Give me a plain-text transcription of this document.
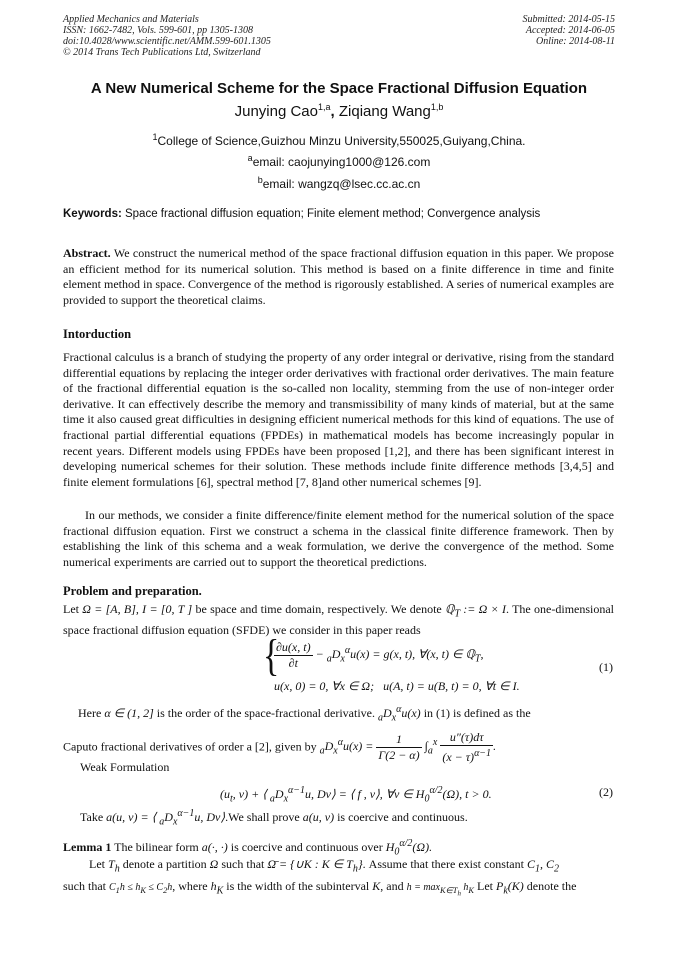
Applied Mechanics and Materials
ISSN: 1662-7482, Vols. 599-601, pp 1305-1308
doi:10.4028/www.scientific.net/AMM.599-601.1305
© 2014 Trans Tech Publications Ltd, Switzerland
Submitted: 2014-05-15
Accepted: 2014-06-05
Online: 2014-08-11
A New Numerical Scheme for the Space Fractional Diffusion Equation
Junying Cao$^{1,a}$, Ziqiang Wang$^{1,b}$
$^1$College of Science,Guizhou Minzu University,550025,Guiyang,China.
$^a$email: caojunying1000@126.com
$^b$email: wangzq@lsec.cc.ac.cn
Keywords: Space fractional diffusion equation; Finite element method; Convergence analysis
Abstract. We construct the numerical method of the space fractional diffusion equation in this paper. We propose an efficient method for its numerical solution. This method is based on a finite difference in time and finite element method in space. Convergence of the method is rigorously established. A series of numerical examples are provided to support the theoretical claims.
Intorduction
Fractional calculus is a branch of studying the property of any order integral or derivative, rising from the standard differential equations by replacing the integer order derivatives with fractional order derivatives. The main feature of the fractional differential equation is the so-called non locality, stemming from the use of non-integer order derivative. It can effectively describe the memory and transmissibility of many kinds of material, but at the same time it also caused great difficulties in designing efficient numerical methods for this kind of equations. The use of fractional partial differential equations (FPDEs) in mathematical models has become increasingly popular in recent years. Different models using FPDEs have been proposed [1,2], and there has been significant interest in developing numerical schemes for their solution. These methods include finite difference methods [3,4,5] and finite element formulations [6], spectral method [7, 8]and other numerical schemes [9].
In our methods, we consider a finite difference/finite element method for the numerical solution of the space fractional diffusion equation. First we construct a schema in the classical finite difference framework. Then by establishing the link of this schema and a weak formulation, we derive the convergence of the method. Some numerical experiments are carried out to support the theoretical predictions.
Problem and preparation.
Let Ω = [A, B], I = [0, T ] be space and time domain, respectively. We denote ℚ$_T$ := Ω × I. The one-dimensional space fractional diffusion equation (SFDE) we consider in this paper reads
{
$\frac{\partial u(x, t)}{\partial t} - _aD_x^\alpha u(x) = g(x$, t), ∀(x, t) ∈ ℚ$_T$,
u(x, 0) = 0, ∀x ∈ Ω;   u(A, t) = u(B, t) = 0, ∀t ∈ I.
(1)
Here α ∈ (1, 2] is the order of the space-fractional derivative. $_aD_x^\alpha u(x)$ in (1) is defined as the
Caputo fractional derivatives of order a [2], given by $_aD_x^\alpha u(x) = \frac{1}{\Gamma(2 - \alpha)} \int_a^x \frac{u''(\tau)d\tau}{(x - \tau)^{\alpha-1}}$ .
Weak Formulation
($u_t$, v) + ⟨ $_aD_x^{\alpha-1}u$, Dv⟩ = ⟨ f , v⟩, ∀v ∈ $H_0^{\alpha/2}(\Omega)$, t > 0.	(2)
Take a(u, v) = ⟨ $_aD_x^{\alpha-1}u$, Dv⟩.We shall prove a(u, v) is coercive and continuous.
Lemma 1 The bilinear form a(·, ·) is coercive and continuous over $H_0^{\alpha/2}(\Omega)$.
Let $T_h$ denote a partition Ω such that Ω̄ = {∪K : K ∈ $T_h$}. Assume that there exist constant $C_1$, $C_2$
such that $C_1h \le h_K \le C_2h$, where $h_K$ is the width of the subinterval K, and $h = \max_{K\in T_h} h_K$ Let $P_k(K)$ denote the
